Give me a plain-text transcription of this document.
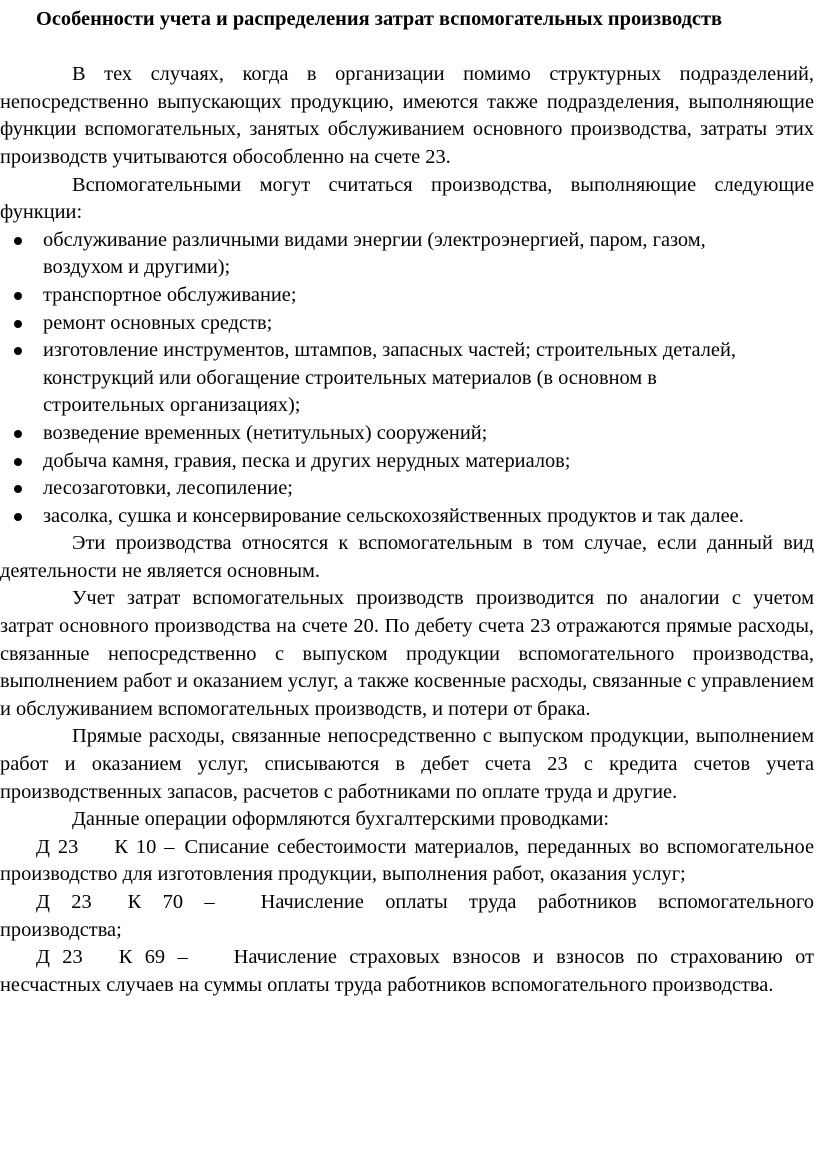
Особенности учета и распределения затрат вспомогательных производств

В тех случаях, когда в организации помимо структурных подразделений, непосредственно выпускающих продукцию, имеются также подразделения, выполняющие функции вспомогательных, занятых обслуживанием основного производства, затраты этих производств учитываются обособленно на счете 23.

Вспомогательными могут считаться производства, выполняющие следующие функции:

обслуживание различными видами энергии (электроэнергией, паром, газом, воздухом и другими);
транспортное обслуживание;
ремонт основных средств;
изготовление инструментов, штампов, запасных частей; строительных деталей, конструкций или обогащение строительных материалов (в основном в строительных организациях);
возведение временных (нетитульных) сооружений;
добыча камня, гравия, песка и других нерудных материалов;
лесозаготовки, лесопиление;
засолка, сушка и консервирование сельскохозяйственных продуктов и так далее.

Эти производства относятся к вспомогательным в том случае, если данный вид деятельности не является основным.

Учет затрат вспомогательных производств производится по аналогии с учетом затрат основного производства на счете 20. По дебету счета 23 отражаются прямые расходы, связанные непосредственно с выпуском продукции вспомогательного производства, выполнением работ и оказанием услуг, а также косвенные расходы, связанные с управлением и обслуживанием вспомогательных производств, и потери от брака.

Прямые расходы, связанные непосредственно с выпуском продукции, выполнением работ и оказанием услуг, списываются в дебет счета 23 с кредита счетов учета производственных запасов, расчетов с работниками по оплате труда и другие.

Данные операции оформляются бухгалтерскими проводками:

Д 23 К 10 – Списание себестоимости материалов, переданных во вспомогательное производство для изготовления продукции, выполнения работ, оказания услуг;

Д 23 К 70 – Начисление оплаты труда работников вспомогательного производства;

Д 23 К 69 – Начисление страховых взносов и взносов по страхованию от несчастных случаев на суммы оплаты труда работников вспомогательного производства.
